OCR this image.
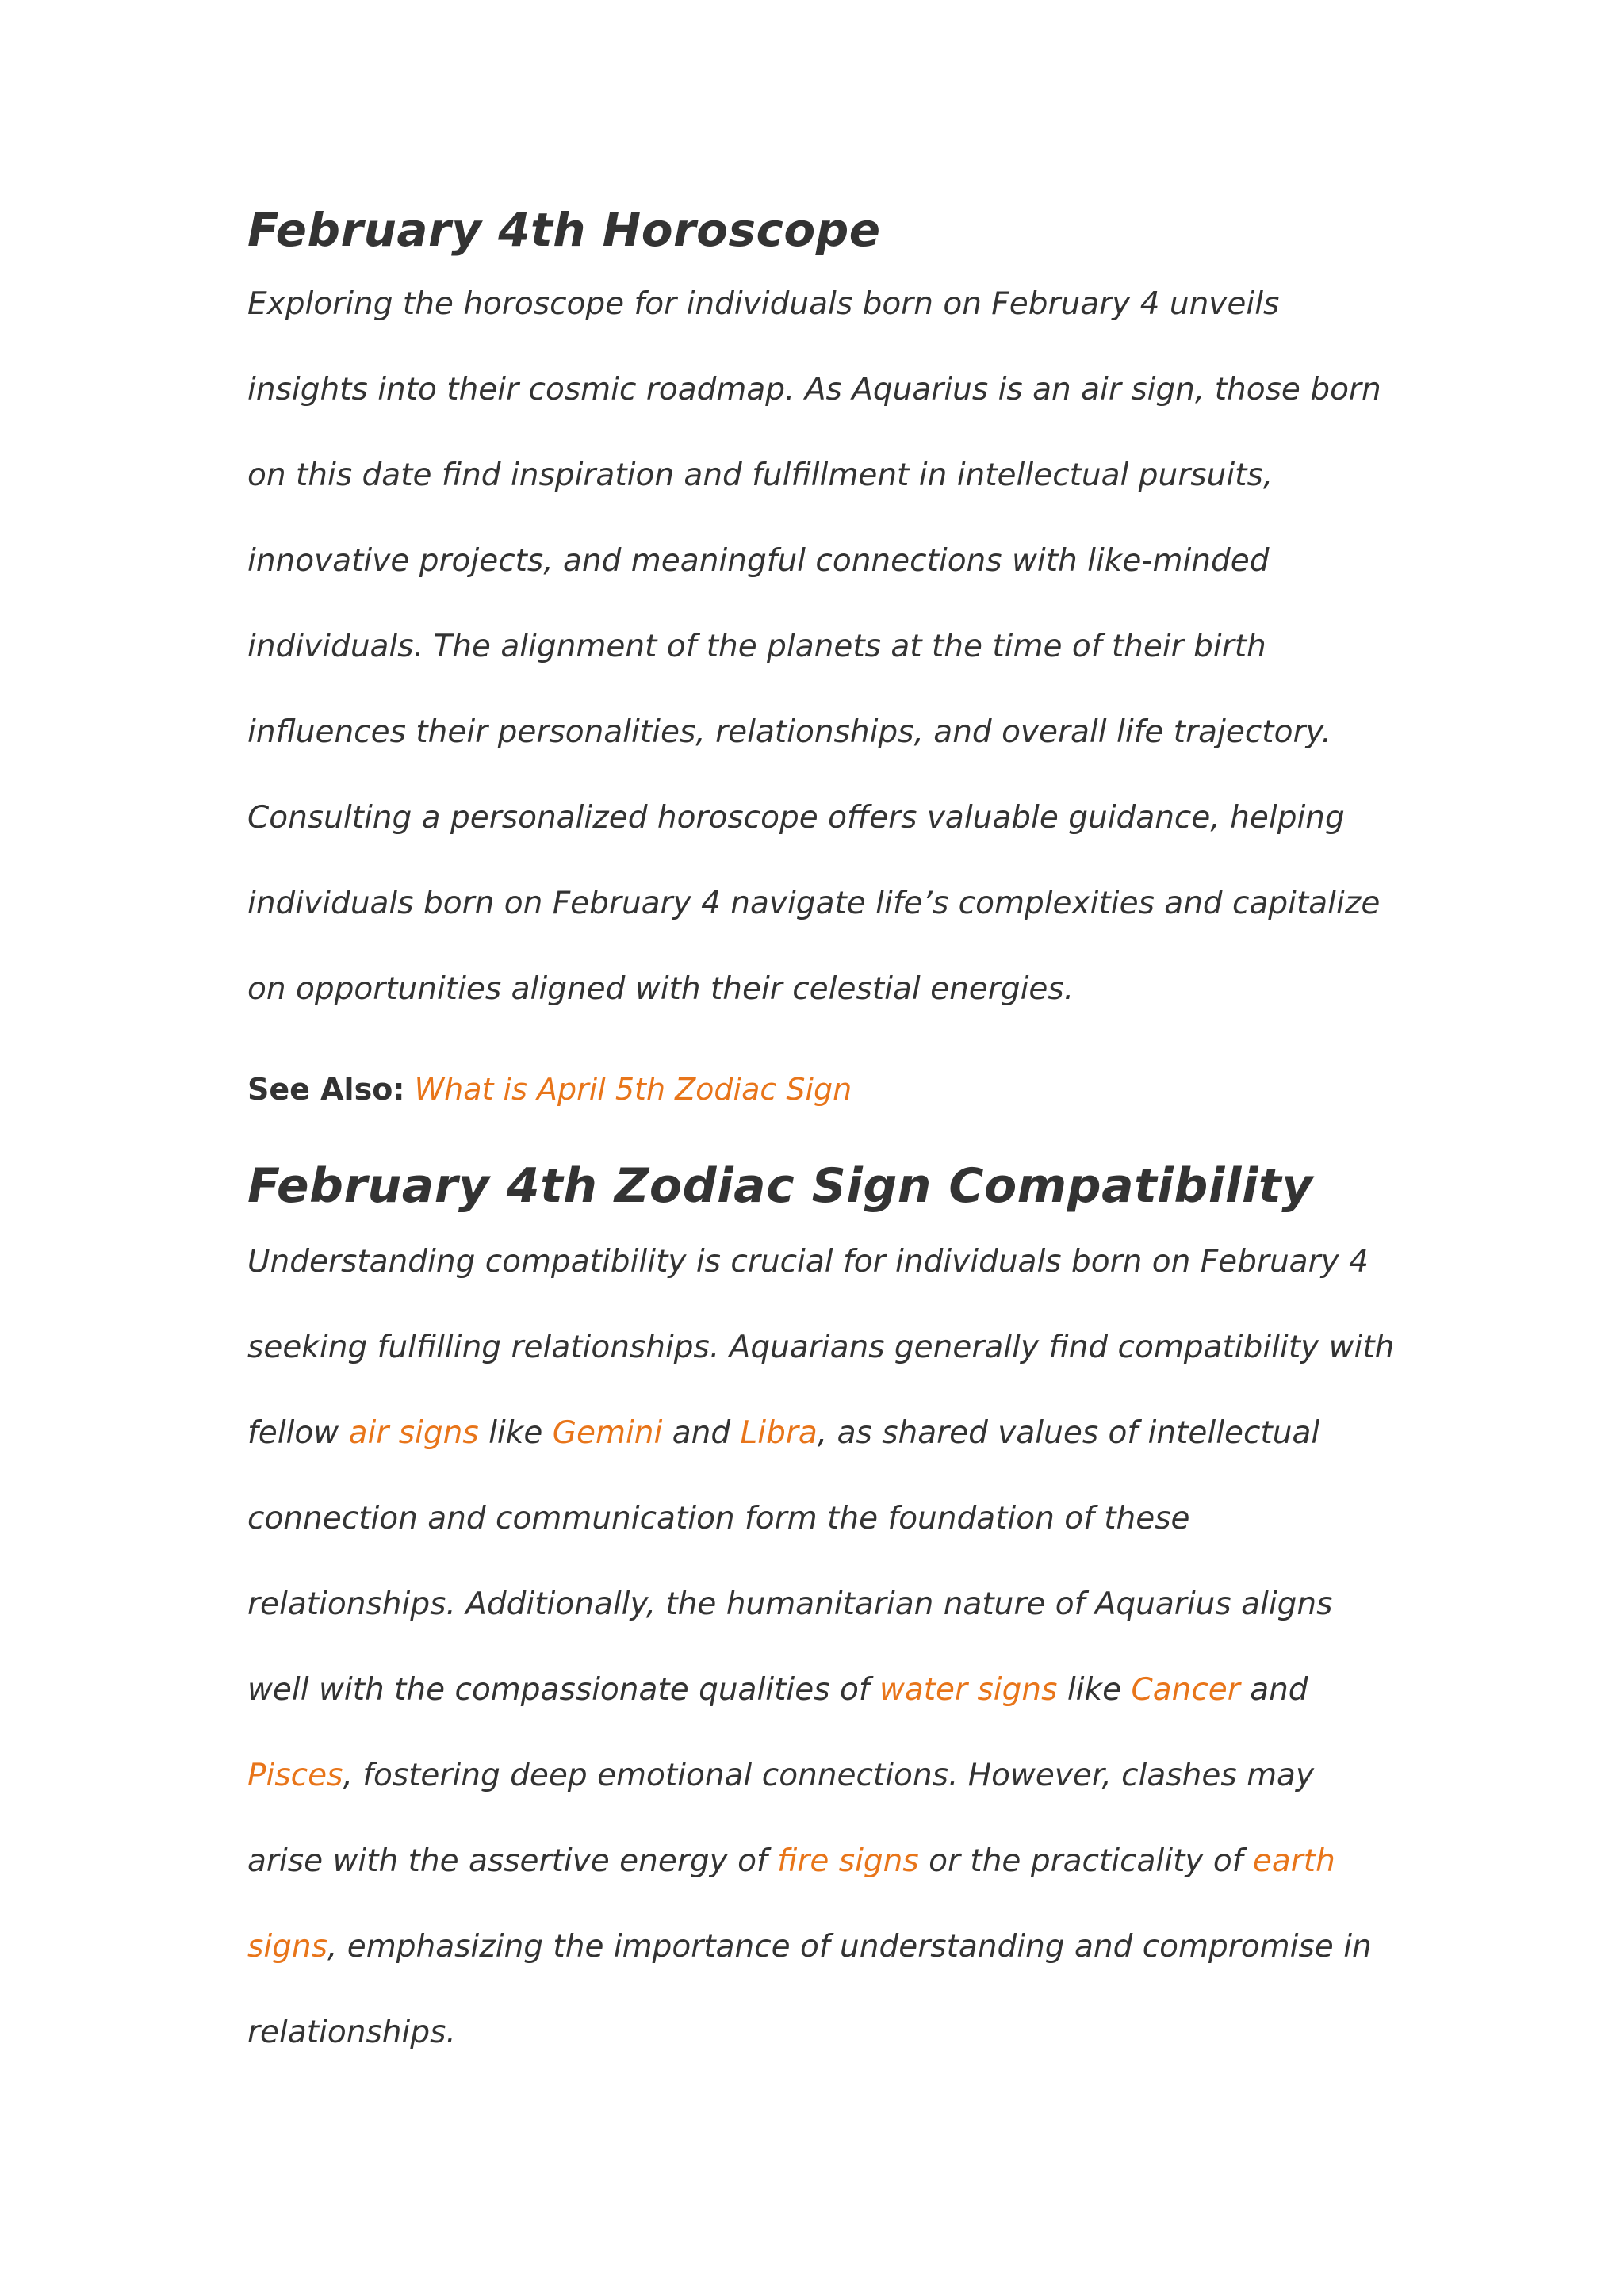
February 4th Horoscope

Exploring the horoscope for individuals born on February 4 unveils insights into their cosmic roadmap. As Aquarius is an air sign, those born on this date find inspiration and fulfillment in intellectual pursuits, innovative projects, and meaningful connections with like-minded individuals. The alignment of the planets at the time of their birth influences their personalities, relationships, and overall life trajectory. Consulting a personalized horoscope offers valuable guidance, helping individuals born on February 4 navigate life’s complexities and capitalize on opportunities aligned with their celestial energies.

See Also: What is April 5th Zodiac Sign

February 4th Zodiac Sign Compatibility

Understanding compatibility is crucial for individuals born on February 4 seeking fulfilling relationships. Aquarians generally find compatibility with fellow air signs like Gemini and Libra, as shared values of intellectual connection and communication form the foundation of these relationships. Additionally, the humanitarian nature of Aquarius aligns well with the compassionate qualities of water signs like Cancer and Pisces, fostering deep emotional connections. However, clashes may arise with the assertive energy of fire signs or the practicality of earth signs, emphasizing the importance of understanding and compromise in relationships.
